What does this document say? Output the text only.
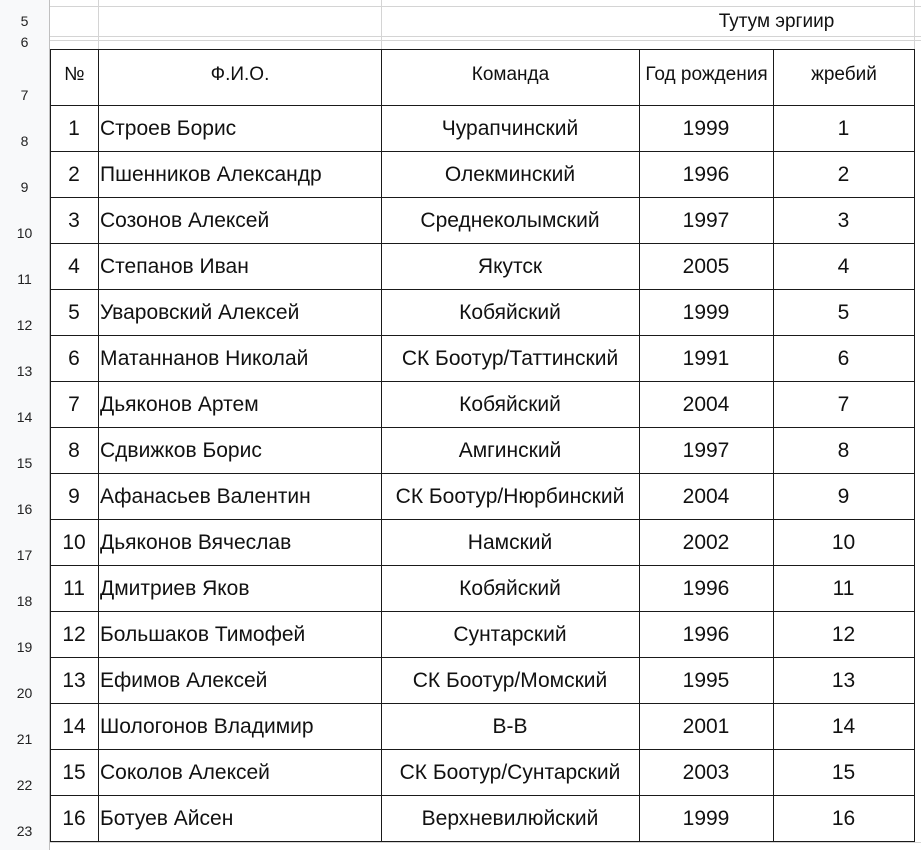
5
6
7
8
9
10
11
12
13
14
15
16
17
18
19
20
21
22
23
Тутум эргиир
№	Ф.И.О.	Команда	Год рождения	жребий
1 Строев Борис	Чурапчинский	1999	1
2 Пшенников Александр	Олекминский	1996	2
3 Созонов Алексей	Среднеколымский	1997	3
4 Степанов Иван	Якутск	2005	4
5 Уваровский Алексей	Кобяйский	1999	5
6 Матаннанов Николай	СК Боотур/Таттинский	1991	6
7 Дьяконов Артем	Кобяйский	2004	7
8 Сдвижков Борис	Амгинский	1997	8
9 Афанасьев Валентин	СК Боотур/Нюрбинский	2004	9
10 Дьяконов Вячеслав	Намский	2002	10
11 Дмитриев Яков	Кобяйский	1996	11
12 Большаков Тимофей	Сунтарский	1996	12
13 Ефимов Алексей	СК Боотур/Момский	1995	13
14 Шологонов Владимир	В-В	2001	14
15 Соколов Алексей	СК Боотур/Сунтарский	2003	15
16 Ботуев Айсен	Верхневилюйский	1999	16
